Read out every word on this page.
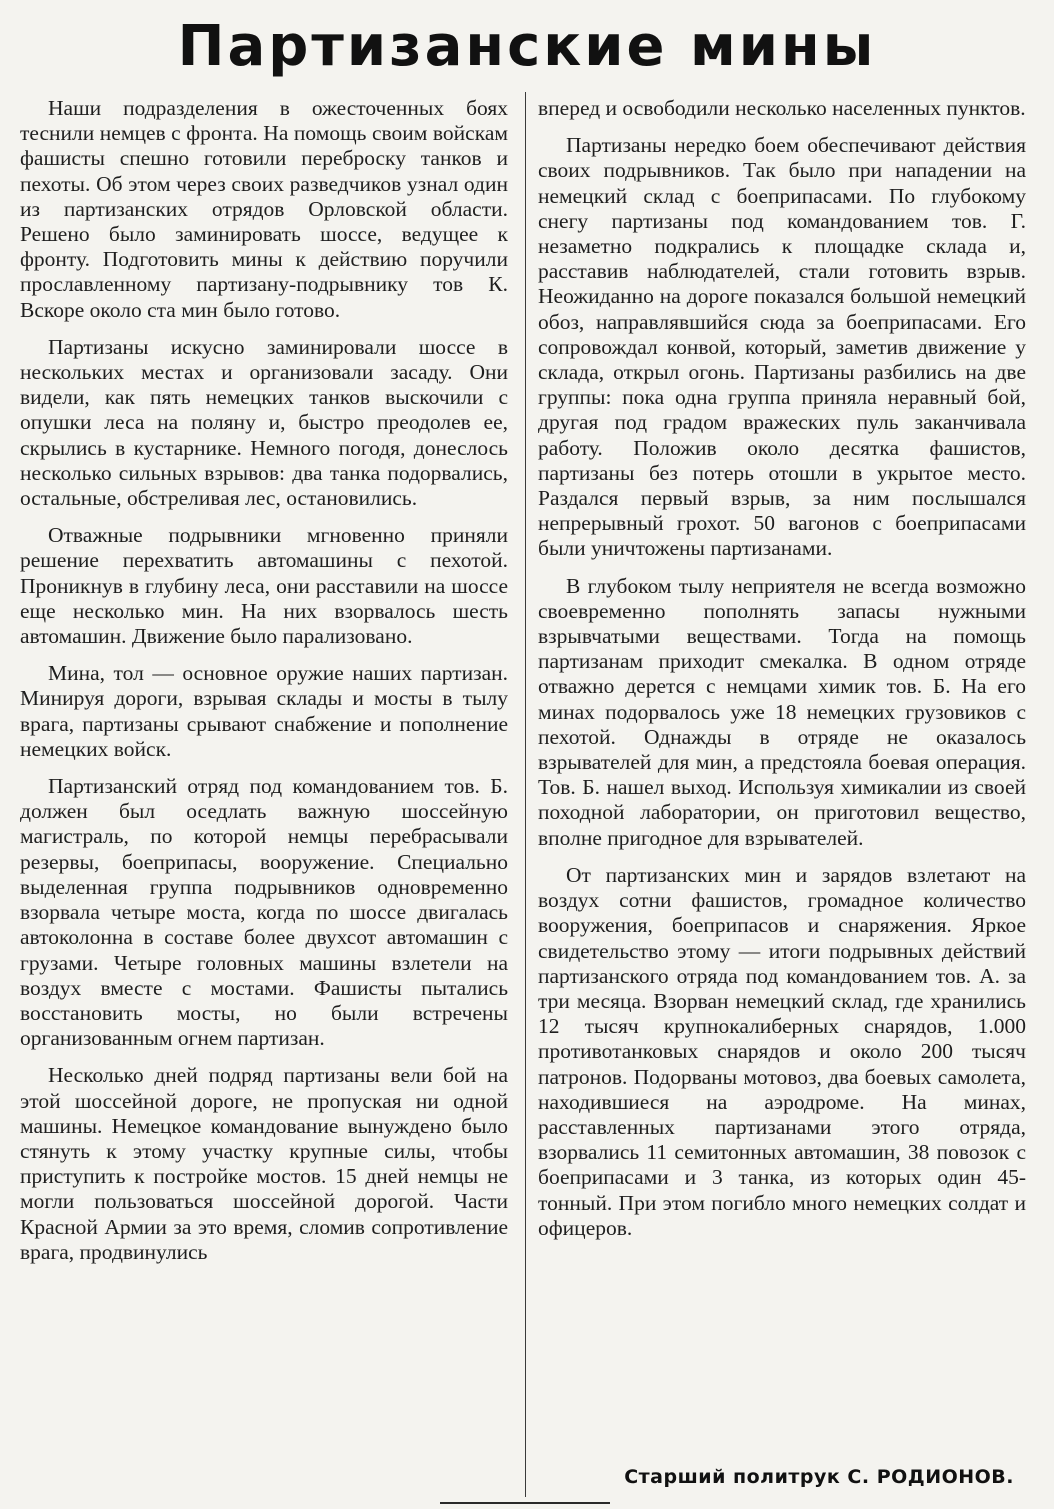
Партизанские мины

Наши подразделения в ожесточенных боях теснили немцев с фронта. На помощь своим войскам фашисты спешно готовили переброску танков и пехоты. Об этом через своих разведчиков узнал один из партизанских отрядов Орловской области. Решено было заминировать шоссе, ведущее к фронту. Подготовить мины к действию поручили прославленному партизану-подрывнику тов К. Вскоре около ста мин было готово.

Партизаны искусно заминировали шоссе в нескольких местах и организовали засаду. Они видели, как пять немецких танков выскочили с опушки леса на поляну и, быстро преодолев ее, скрылись в кустарнике. Немного погодя, донеслось несколько сильных взрывов: два танка подорвались, остальные, обстреливая лес, остановились.

Отважные подрывники мгновенно приняли решение перехватить автомашины с пехотой. Проникнув в глубину леса, они расставили на шоссе еще несколько мин. На них взорвалось шесть автомашин. Движение было парализовано.

Мина, тол — основное оружие наших партизан. Минируя дороги, взрывая склады и мосты в тылу врага, партизаны срывают снабжение и пополнение немецких войск.

Партизанский отряд под командованием тов. Б. должен был оседлать важную шоссейную магистраль, по которой немцы перебрасывали резервы, боеприпасы, вооружение. Специально выделенная группа подрывников одновременно взорвала четыре моста, когда по шоссе двигалась автоколонна в составе более двухсот автомашин с грузами. Четыре головных машины взлетели на воздух вместе с мостами. Фашисты пытались восстановить мосты, но были встречены организованным огнем партизан.

Несколько дней подряд партизаны вели бой на этой шоссейной дороге, не пропуская ни одной машины. Немецкое командование вынуждено было стянуть к этому участку крупные силы, чтобы приступить к постройке мостов. 15 дней немцы не могли пользоваться шоссейной дорогой. Части Красной Армии за это время, сломив сопротивление врага, продвинулись

вперед и освободили несколько населенных пунктов.

Партизаны нередко боем обеспечивают действия своих подрывников. Так было при нападении на немецкий склад с боеприпасами. По глубокому снегу партизаны под командованием тов. Г. незаметно подкрались к площадке склада и, расставив наблюдателей, стали готовить взрыв. Неожиданно на дороге показался большой немецкий обоз, направлявшийся сюда за боеприпасами. Его сопровождал конвой, который, заметив движение у склада, открыл огонь. Партизаны разбились на две группы: пока одна группа приняла неравный бой, другая под градом вражеских пуль заканчивала работу. Положив около десятка фашистов, партизаны без потерь отошли в укрытое место. Раздался первый взрыв, за ним послышался непрерывный грохот. 50 вагонов с боеприпасами были уничтожены партизанами.

В глубоком тылу неприятеля не всегда возможно своевременно пополнять запасы нужными взрывчатыми веществами. Тогда на помощь партизанам приходит смекалка. В одном отряде отважно дерется с немцами химик тов. Б. На его минах подорвалось уже 18 немецких грузовиков с пехотой. Однажды в отряде не оказалось взрывателей для мин, а предстояла боевая операция. Тов. Б. нашел выход. Используя химикалии из своей походной лаборатории, он приготовил вещество, вполне пригодное для взрывателей.

От партизанских мин и зарядов взлетают на воздух сотни фашистов, громадное количество вооружения, боеприпасов и снаряжения. Яркое свидетельство этому — итоги подрывных действий партизанского отряда под командованием тов. А. за три месяца. Взорван немецкий склад, где хранились 12 тысяч крупнокалиберных снарядов, 1.000 противотанковых снарядов и около 200 тысяч патронов. Подорваны мотовоз, два боевых самолета, находившиеся на аэродроме. На минах, расставленных партизанами этого отряда, взорвались 11 семитонных автомашин, 38 повозок с боеприпасами и 3 танка, из которых один 45-тонный. При этом погибло много немецких солдат и офицеров.

Старший политрук С. РОДИОНОВ.
